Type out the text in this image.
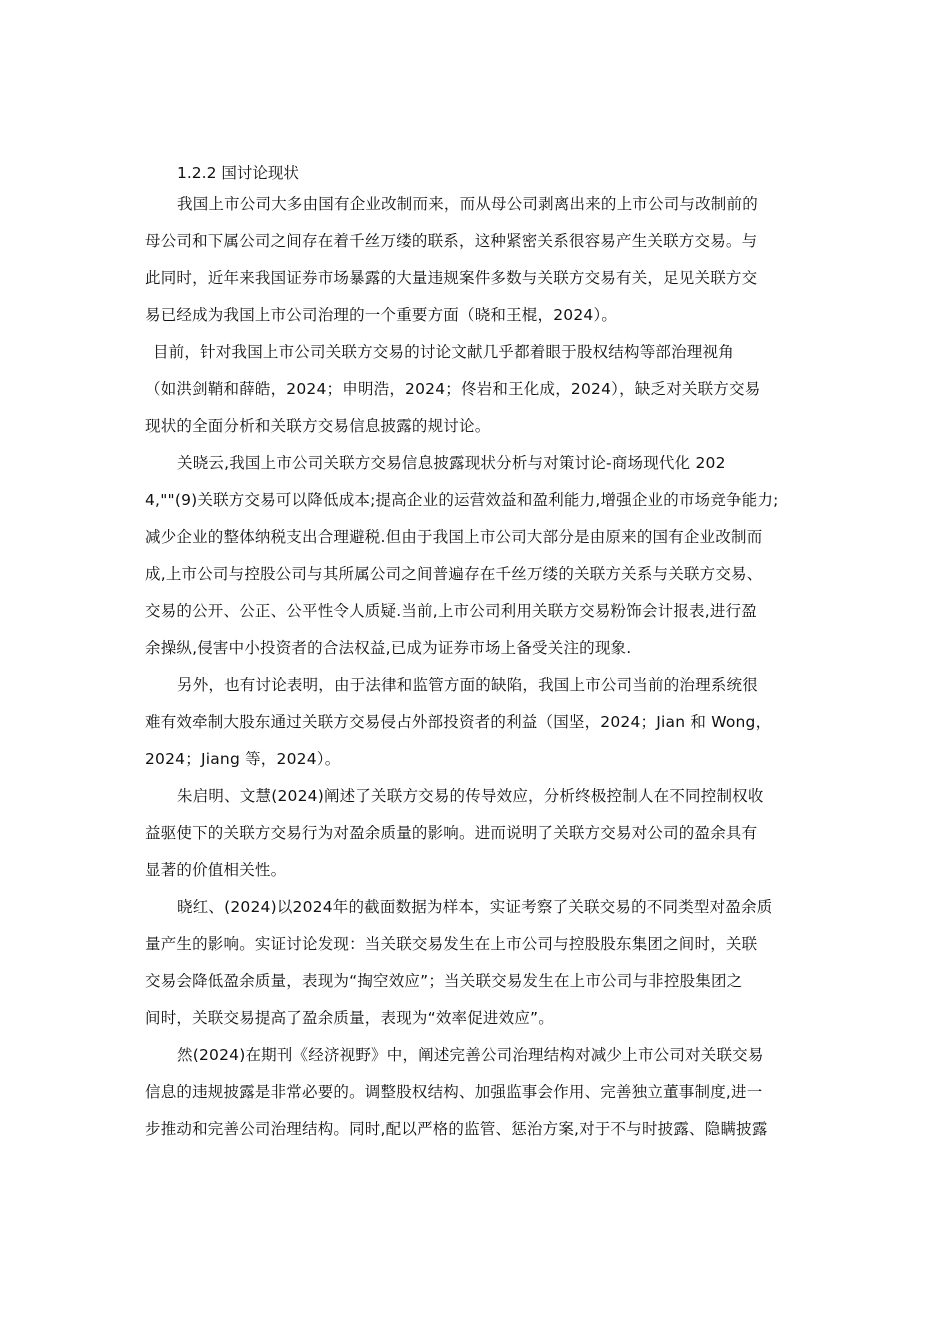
1.2.2 国讨论现状
我国上市公司大多由国有企业改制而来，而从母公司剥离出来的上市公司与改制前的
母公司和下属公司之间存在着千丝万缕的联系，这种紧密关系很容易产生关联方交易。与
此同时，近年来我国证券市场暴露的大量违规案件多数与关联方交易有关，足见关联方交
易已经成为我国上市公司治理的一个重要方面（晓和王棍，2024）。
目前，针对我国上市公司关联方交易的讨论文献几乎都着眼于股权结构等部治理视角
（如洪剑鞘和薛皓，2024；申明浩，2024；佟岩和王化成，2024），缺乏对关联方交易
现状的全面分析和关联方交易信息披露的规讨论。
关晓云,我国上市公司关联方交易信息披露现状分析与对策讨论-商场现代化 202
4,""(9)关联方交易可以降低成本;提高企业的运营效益和盈利能力,增强企业的市场竞争能力;
减少企业的整体纳税支出合理避税.但由于我国上市公司大部分是由原来的国有企业改制而
成,上市公司与控股公司与其所属公司之间普遍存在千丝万缕的关联方关系与关联方交易、
交易的公开、公正、公平性令人质疑.当前,上市公司利用关联方交易粉饰会计报表,进行盈
余操纵,侵害中小投资者的合法权益,已成为证券市场上备受关注的现象.
另外，也有讨论表明，由于法律和监管方面的缺陷，我国上市公司当前的治理系统很
难有效牵制大股东通过关联方交易侵占外部投资者的利益（国坚，2024；Jian 和 Wong，
2024；Jiang 等，2024）。
朱启明、文慧(2024)阐述了关联方交易的传导效应，分析终极控制人在不同控制权收
益驱使下的关联方交易行为对盈余质量的影响。进而说明了关联方交易对公司的盈余具有
显著的价值相关性。
晓红、(2024)以2024年的截面数据为样本，实证考察了关联交易的不同类型对盈余质
量产生的影响。实证讨论发现：当关联交易发生在上市公司与控股股东集团之间时，关联
交易会降低盈余质量，表现为“掏空效应”；当关联交易发生在上市公司与非控股集团之
间时，关联交易提高了盈余质量，表现为“效率促进效应”。
然(2024)在期刊《经济视野》中，阐述完善公司治理结构对减少上市公司对关联交易
信息的违规披露是非常必要的。调整股权结构、加强监事会作用、完善独立董事制度,进一
步推动和完善公司治理结构。同时,配以严格的监管、惩治方案,对于不与时披露、隐瞒披露
